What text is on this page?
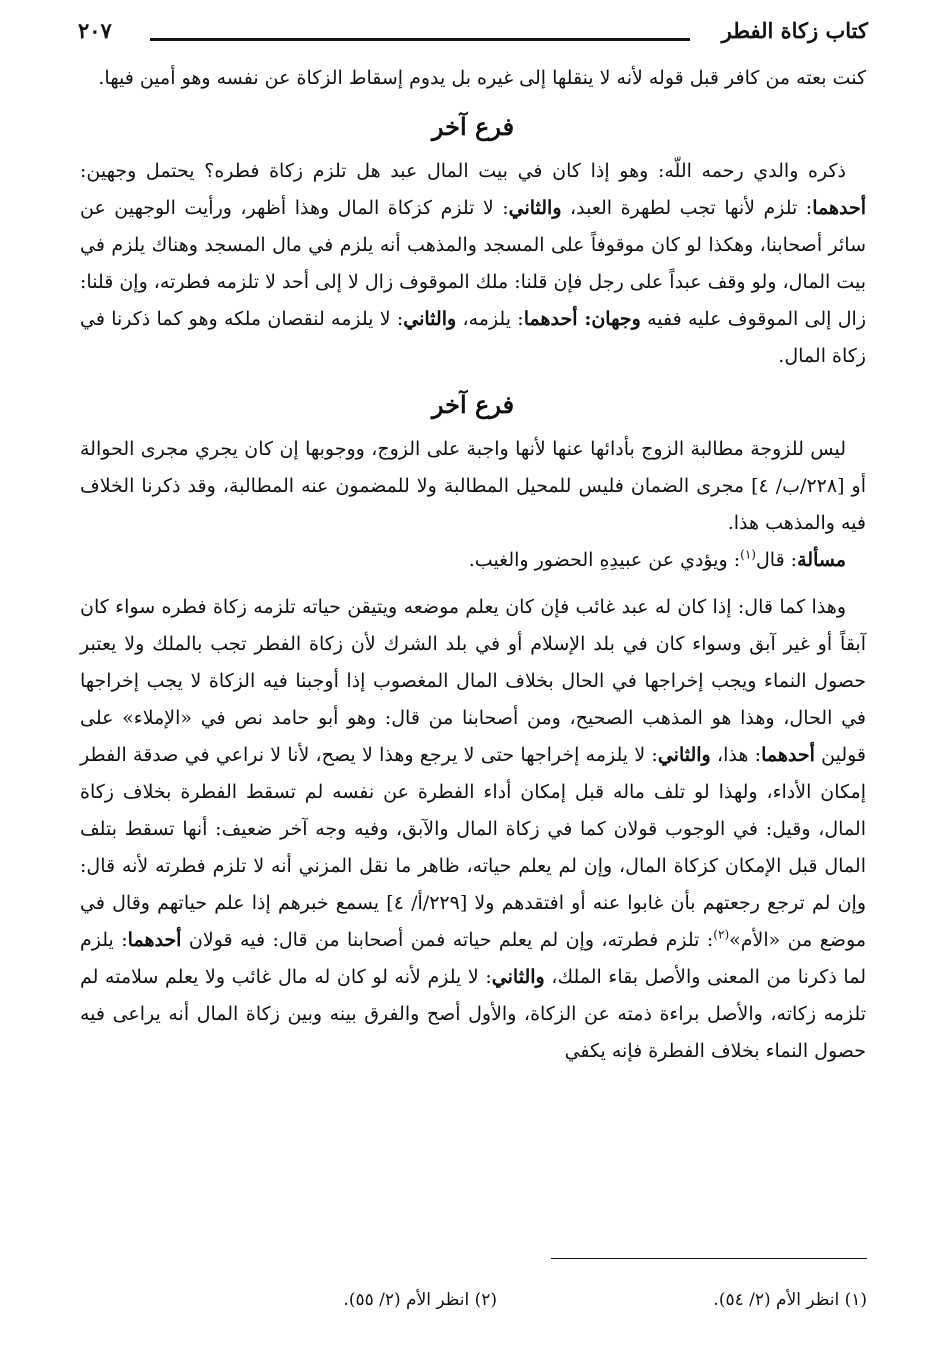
كتاب زكاة الفطر
٢٠٧

كنت بعته من كافر قبل قوله لأنه لا ينقلها إلى غيره بل يدوم إسقاط الزكاة عن نفسه وهو أمين فيها.

فرع آخر

ذكره والدي رحمه اللّه: وهو إذا كان في بيت المال عبد هل تلزم زكاة فطره؟ يحتمل وجهين: أحدهما: تلزم لأنها تجب لطهرة العبد، والثاني: لا تلزم كزكاة المال وهذا أظهر، ورأيت الوجهين عن سائر أصحابنا، وهكذا لو كان موقوفاً على المسجد والمذهب أنه يلزم في مال المسجد وهناك يلزم في بيت المال، ولو وقف عبداً على رجل فإن قلنا: ملك الموقوف زال لا إلى أحد لا تلزمه فطرته، وإن قلنا: زال إلى الموقوف عليه ففيه وجهان: أحدهما: يلزمه، والثاني: لا يلزمه لنقصان ملكه وهو كما ذكرنا في زكاة المال.

فرع آخر

ليس للزوجة مطالبة الزوج بأدائها عنها لأنها واجبة على الزوج، ووجوبها إن كان يجري مجرى الحوالة أو [٢٢٨/ب/ ٤] مجرى الضمان فليس للمحيل المطالبة ولا للمضمون عنه المطالبة، وقد ذكرنا الخلاف فيه والمذهب هذا.

مسألة: قال$^{(١)}$: ويؤدي عن عبيدِهِ الحضور والغيب.

وهذا كما قال: إذا كان له عبد غائب فإن كان يعلم موضعه ويتيقن حياته تلزمه زكاة فطره سواء كان آبقاً أو غير آبق وسواء كان في بلد الإسلام أو في بلد الشرك لأن زكاة الفطر تجب بالملك ولا يعتبر حصول النماء ويجب إخراجها في الحال بخلاف المال المغصوب إذا أوجبنا فيه الزكاة لا يجب إخراجها في الحال، وهذا هو المذهب الصحيح، ومن أصحابنا من قال: وهو أبو حامد نص في «الإملاء» على قولين أحدهما: هذا، والثاني: لا يلزمه إخراجها حتى لا يرجع وهذا لا يصح، لأنا لا نراعي في صدقة الفطر إمكان الأداء، ولهذا لو تلف ماله قبل إمكان أداء الفطرة عن نفسه لم تسقط الفطرة بخلاف زكاة المال، وقيل: في الوجوب قولان كما في زكاة المال والآبق، وفيه وجه آخر ضعيف: أنها تسقط بتلف المال قبل الإمكان كزكاة المال، وإن لم يعلم حياته، ظاهر ما نقل المزني أنه لا تلزم فطرته لأنه قال: وإن لم ترجع رجعتهم بأن غابوا عنه أو افتقدهم ولا [٢٢٩/أ/ ٤] يسمع خبرهم إذا علم حياتهم وقال في موضع من «الأم»$^{(٢)}$: تلزم فطرته، وإن لم يعلم حياته فمن أصحابنا من قال: فيه قولان أحدهما: يلزم لما ذكرنا من المعنى والأصل بقاء الملك، والثاني: لا يلزم لأنه لو كان له مال غائب ولا يعلم سلامته لم تلزمه زكاته، والأصل براءة ذمته عن الزكاة، والأول أصح والفرق بينه وبين زكاة المال أنه يراعى فيه حصول النماء بخلاف الفطرة فإنه يكفي

(١) انظر الأم (٢/ ٥٤).
(٢) انظر الأم (٢/ ٥٥).
